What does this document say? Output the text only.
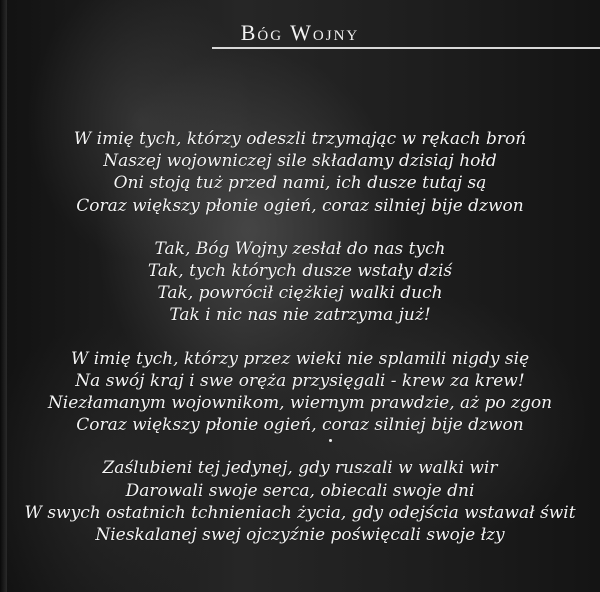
Bóg Wojny
W imię tych, którzy odeszli trzymając w rękach broń
Naszej wojowniczej sile składamy dzisiaj hołd
Oni stoją tuż przed nami, ich dusze tutaj są
Coraz większy płonie ogień, coraz silniej bije dzwon
Tak, Bóg Wojny zesłał do nas tych
Tak, tych których dusze wstały dziś
Tak, powrócił ciężkiej walki duch
Tak i nic nas nie zatrzyma już!
W imię tych, którzy przez wieki nie splamili nigdy się
Na swój kraj i swe oręża przysięgali - krew za krew!
Niezłamanym wojownikom, wiernym prawdzie, aż po zgon
Coraz większy płonie ogień, coraz silniej bije dzwon
Zaślubieni tej jedynej, gdy ruszali w walki wir
Darowali swoje serca, obiecali swoje dni
W swych ostatnich tchnieniach życia, gdy odejścia wstawał świt
Nieskalanej swej ojczyźnie poświęcali swoje łzy
